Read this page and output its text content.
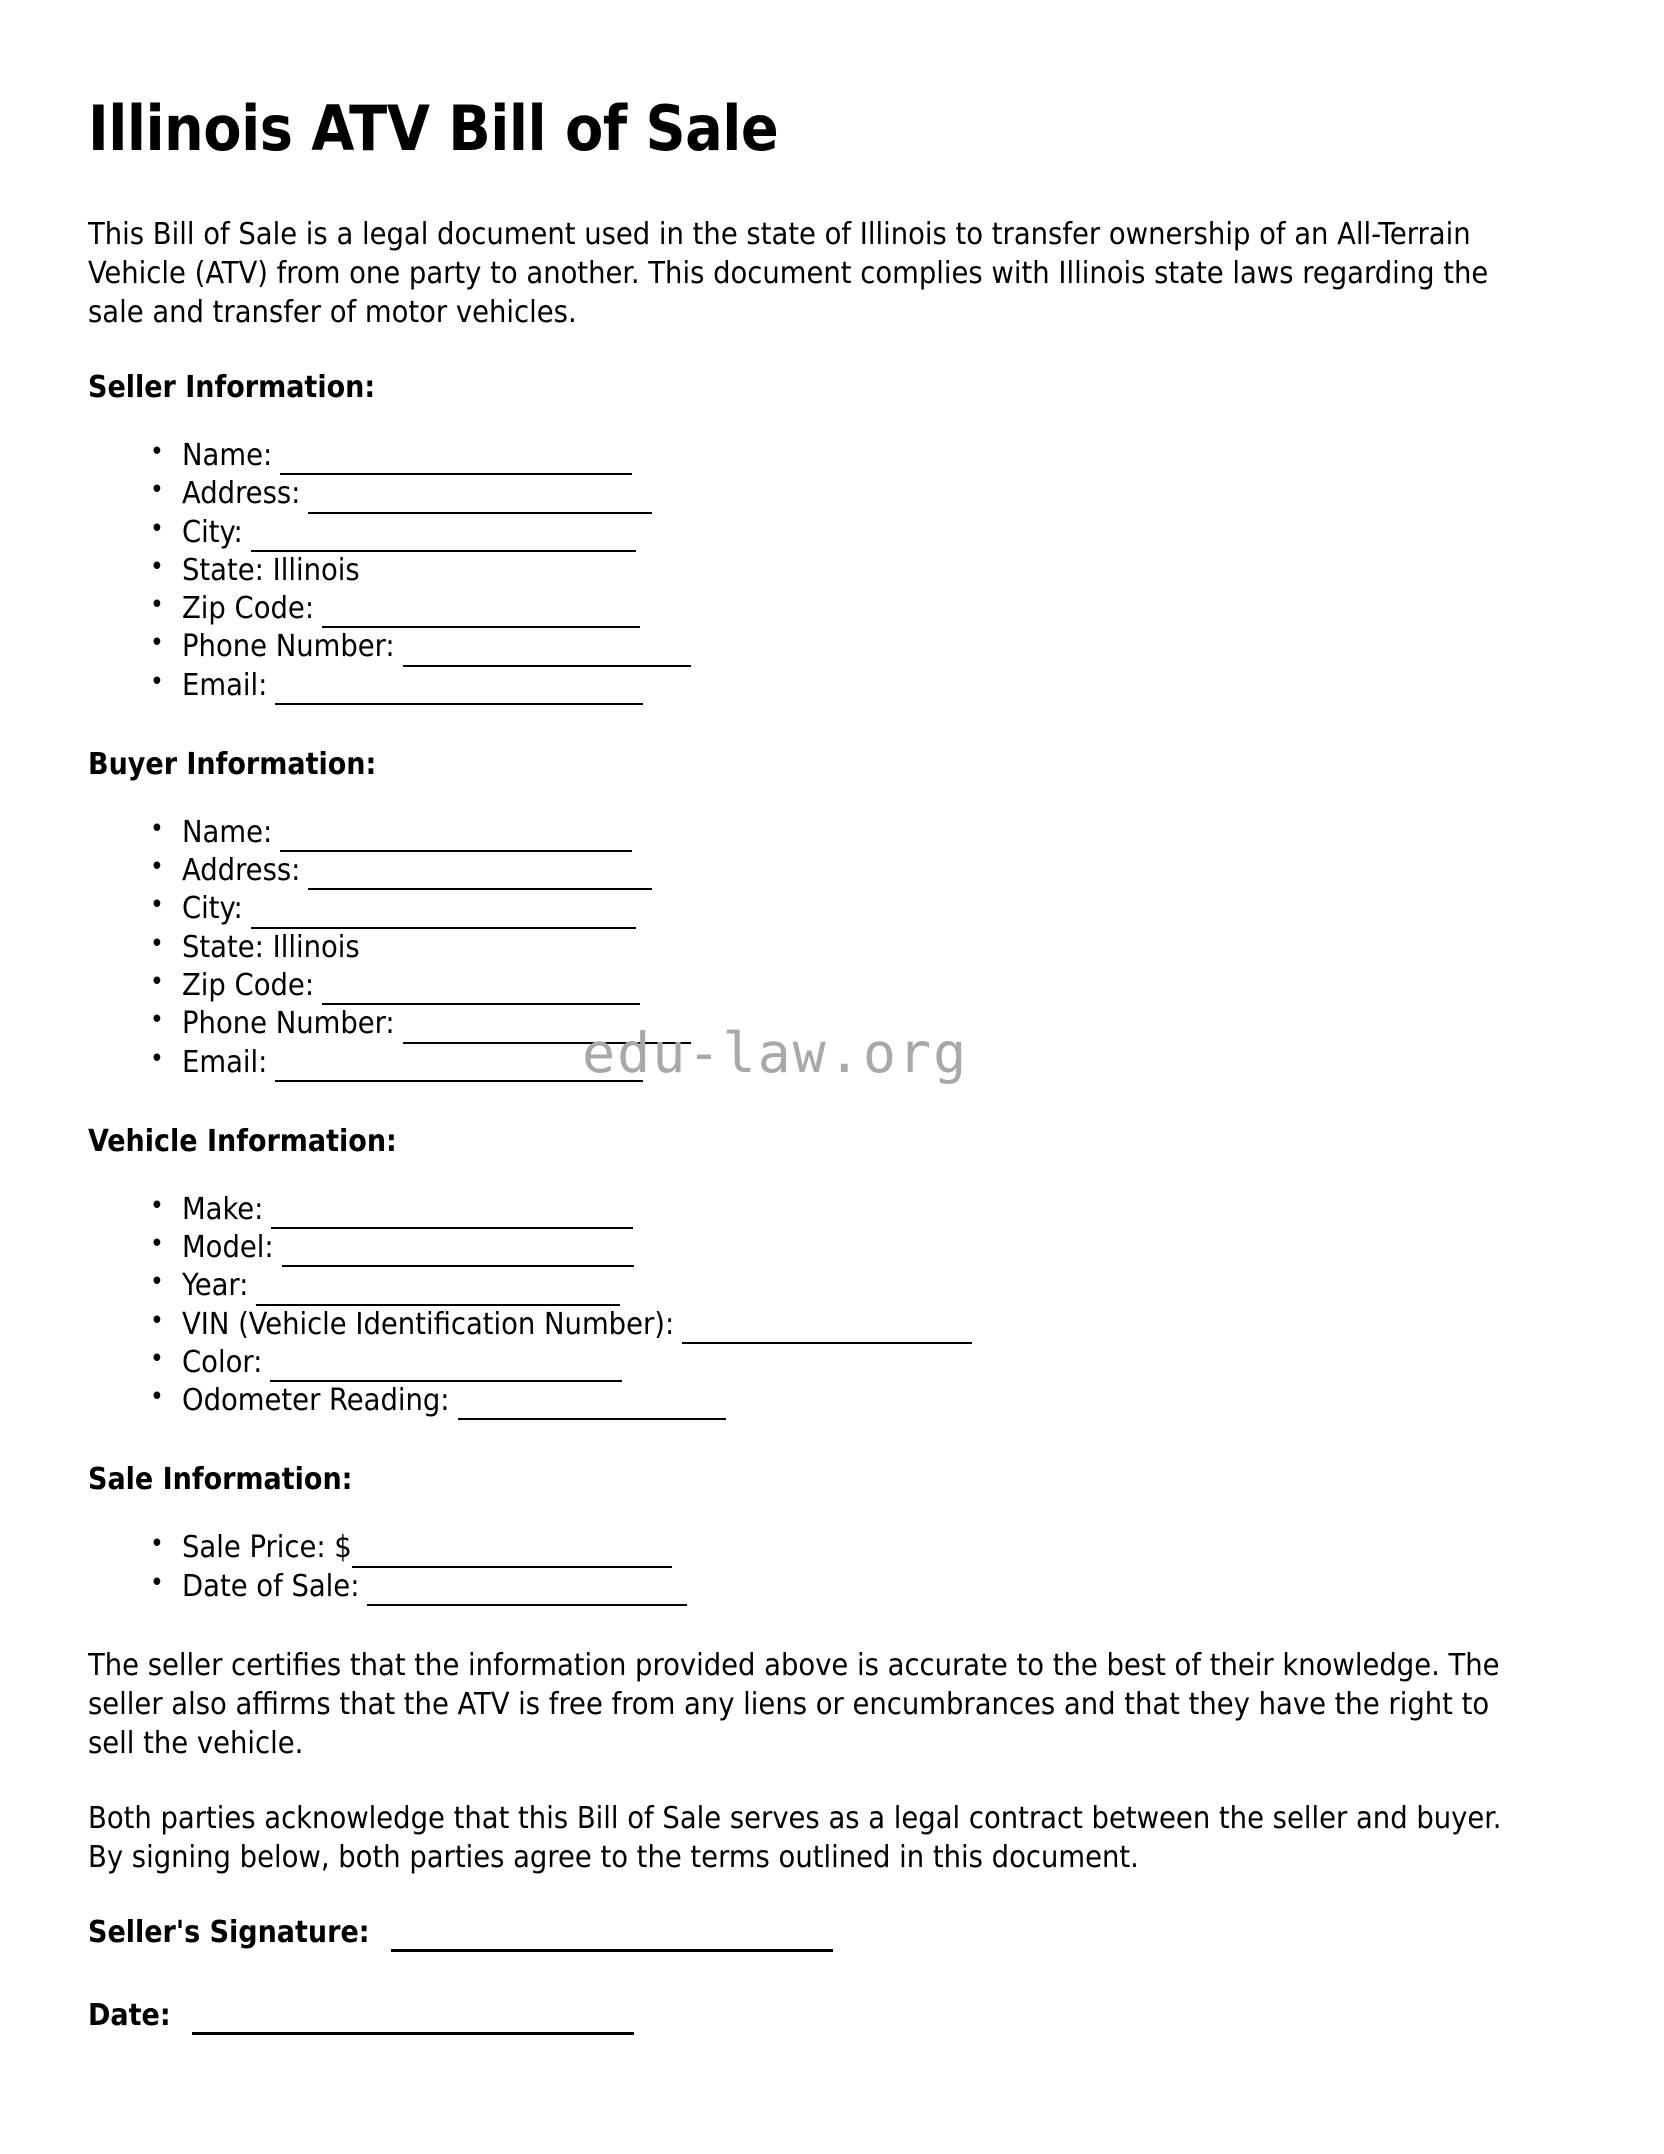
Illinois ATV Bill of Sale

This Bill of Sale is a legal document used in the state of Illinois to transfer ownership of an All-Terrain Vehicle (ATV) from one party to another. This document complies with Illinois state laws regarding the sale and transfer of motor vehicles.

Seller Information:
• Name:
• Address:
• City:
• State: Illinois
• Zip Code:
• Phone Number:
• Email:
Buyer Information:
• Name:
• Address:
• City:
• State: Illinois
• Zip Code:
• Phone Number:
• Email:
Vehicle Information:
• Make:
• Model:
• Year:
• VIN (Vehicle Identification Number):
• Color:
• Odometer Reading:
Sale Information:
• Sale Price: $
• Date of Sale:

The seller certifies that the information provided above is accurate to the best of their knowledge. The seller also affirms that the ATV is free from any liens or encumbrances and that they have the right to sell the vehicle.

Both parties acknowledge that this Bill of Sale serves as a legal contract between the seller and buyer. By signing below, both parties agree to the terms outlined in this document.

Seller's Signature:
Date:
edu-law.org
